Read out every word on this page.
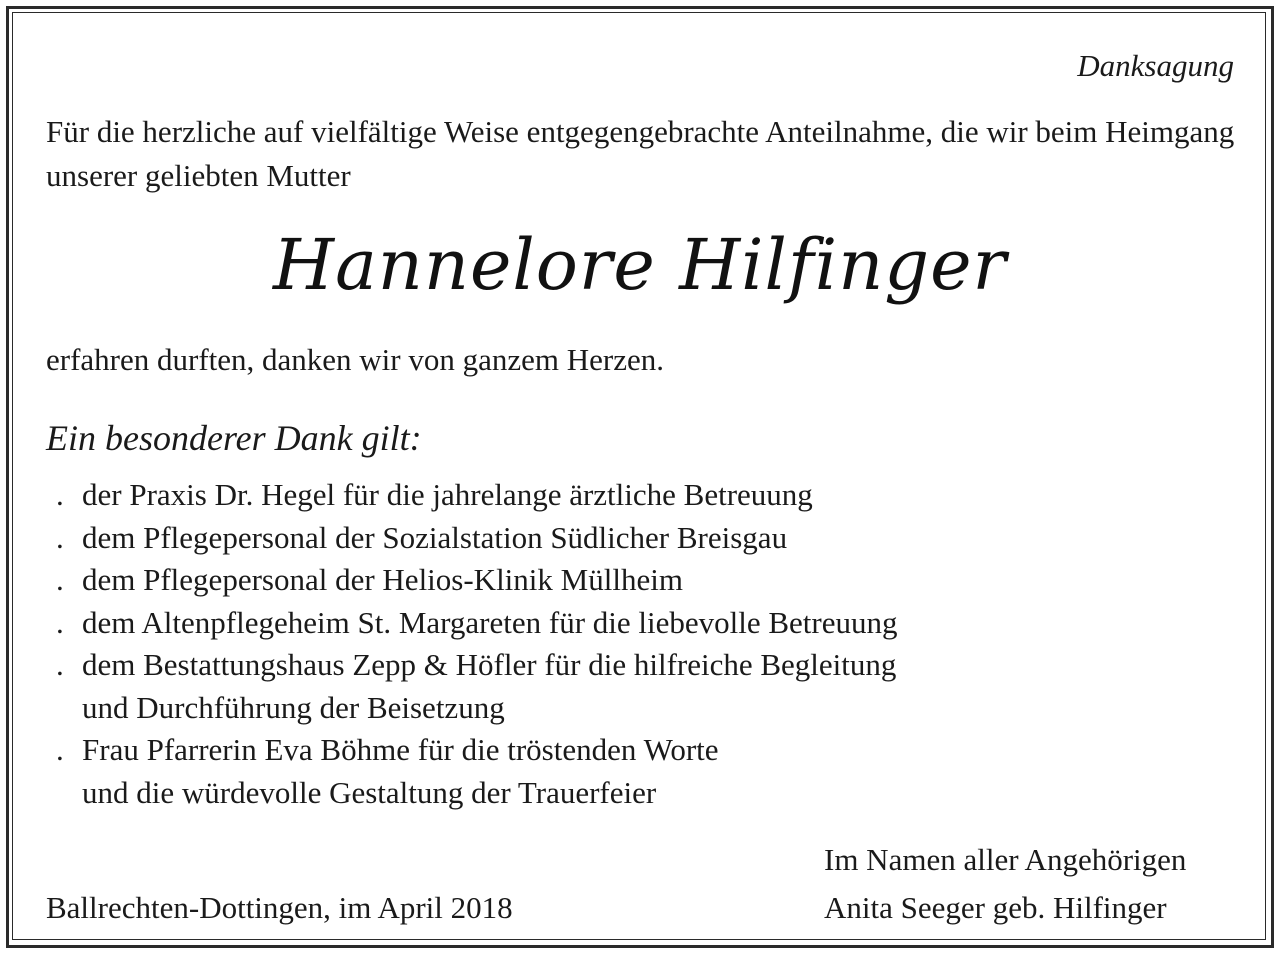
Danksagung

Für die herzliche auf vielfältige Weise entgegengebrachte Anteilnahme, die wir beim Heimgang unserer geliebten Mutter

Hannelore Hilfinger

erfahren durften, danken wir von ganzem Herzen.

Ein besonderer Dank gilt:

. der Praxis Dr. Hegel für die jahrelange ärztliche Betreuung
. dem Pflegepersonal der Sozialstation Südlicher Breisgau
. dem Pflegepersonal der Helios-Klinik Müllheim
. dem Altenpflegeheim St. Margareten für die liebevolle Betreuung
. dem Bestattungshaus Zepp & Höfler für die hilfreiche Begleitung
und Durchführung der Beisetzung
. Frau Pfarrerin Eva Böhme für die tröstenden Worte
und die würdevolle Gestaltung der Trauerfeier

Ballrechten-Dottingen, im April 2018

Im Namen aller Angehörigen
Anita Seeger geb. Hilfinger
